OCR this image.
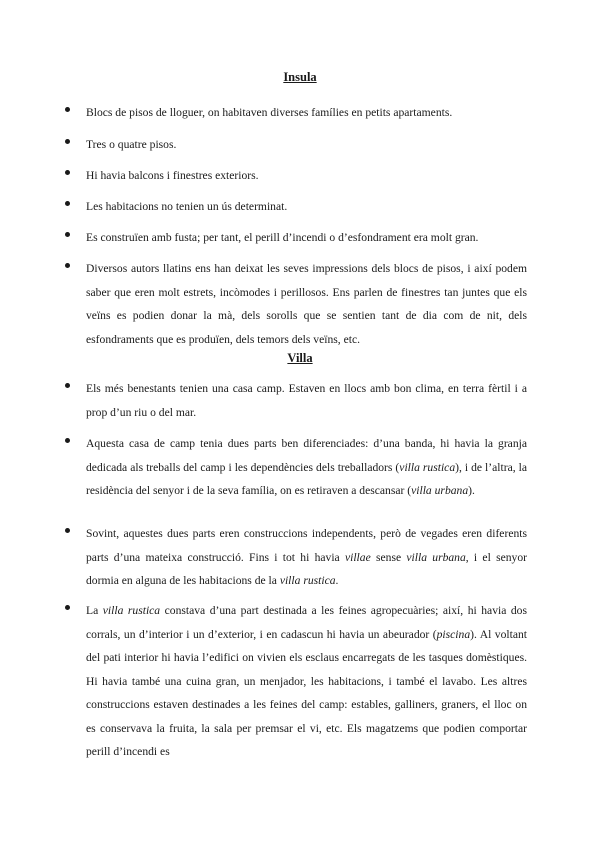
Insula

Blocs de pisos de lloguer, on habitaven diverses famílies en petits apartaments.

Tres o quatre pisos.

Hi havia balcons i finestres exteriors.

Les habitacions no tenien un ús determinat.

Es construïen amb fusta; per tant, el perill d’incendi o d’esfondrament era molt gran.

Diversos autors llatins ens han deixat les seves impressions dels blocs de pisos, i així podem saber que eren molt estrets, incòmodes i perillosos. Ens parlen de finestres tan juntes que els veïns es podien donar la mà, dels sorolls que se sentien tant de dia com de nit, dels esfondraments que es produïen, dels temors dels veïns, etc.

Villa

Els més benestants tenien una casa camp. Estaven en llocs amb bon clima, en terra fèrtil i a prop d’un riu o del mar.

Aquesta casa de camp tenia dues parts ben diferenciades: d’una banda, hi havia la granja dedicada als treballs del camp i les dependències dels treballadors (villa rustica), i de l’altra, la residència del senyor i de la seva família, on es retiraven a descansar (villa urbana).

Sovint, aquestes dues parts eren construccions independents, però de vegades eren diferents parts d’una mateixa construcció. Fins i tot hi havia villae sense villa urbana, i el senyor dormia en alguna de les habitacions de la villa rustica.

La villa rustica constava d’una part destinada a les feines agropecuàries; així, hi havia dos corrals, un d’interior i un d’exterior, i en cadascun hi havia un abeurador (piscina). Al voltant del pati interior hi havia l’edifici on vivien els esclaus encarregats de les tasques domèstiques. Hi havia també una cuina gran, un menjador, les habitacions, i també el lavabo. Les altres construccions estaven destinades a les feines del camp: estables, galliners, graners, el lloc on es conservava la fruita, la sala per premsar el vi, etc. Els magatzems que podien comportar perill d’incendi es
